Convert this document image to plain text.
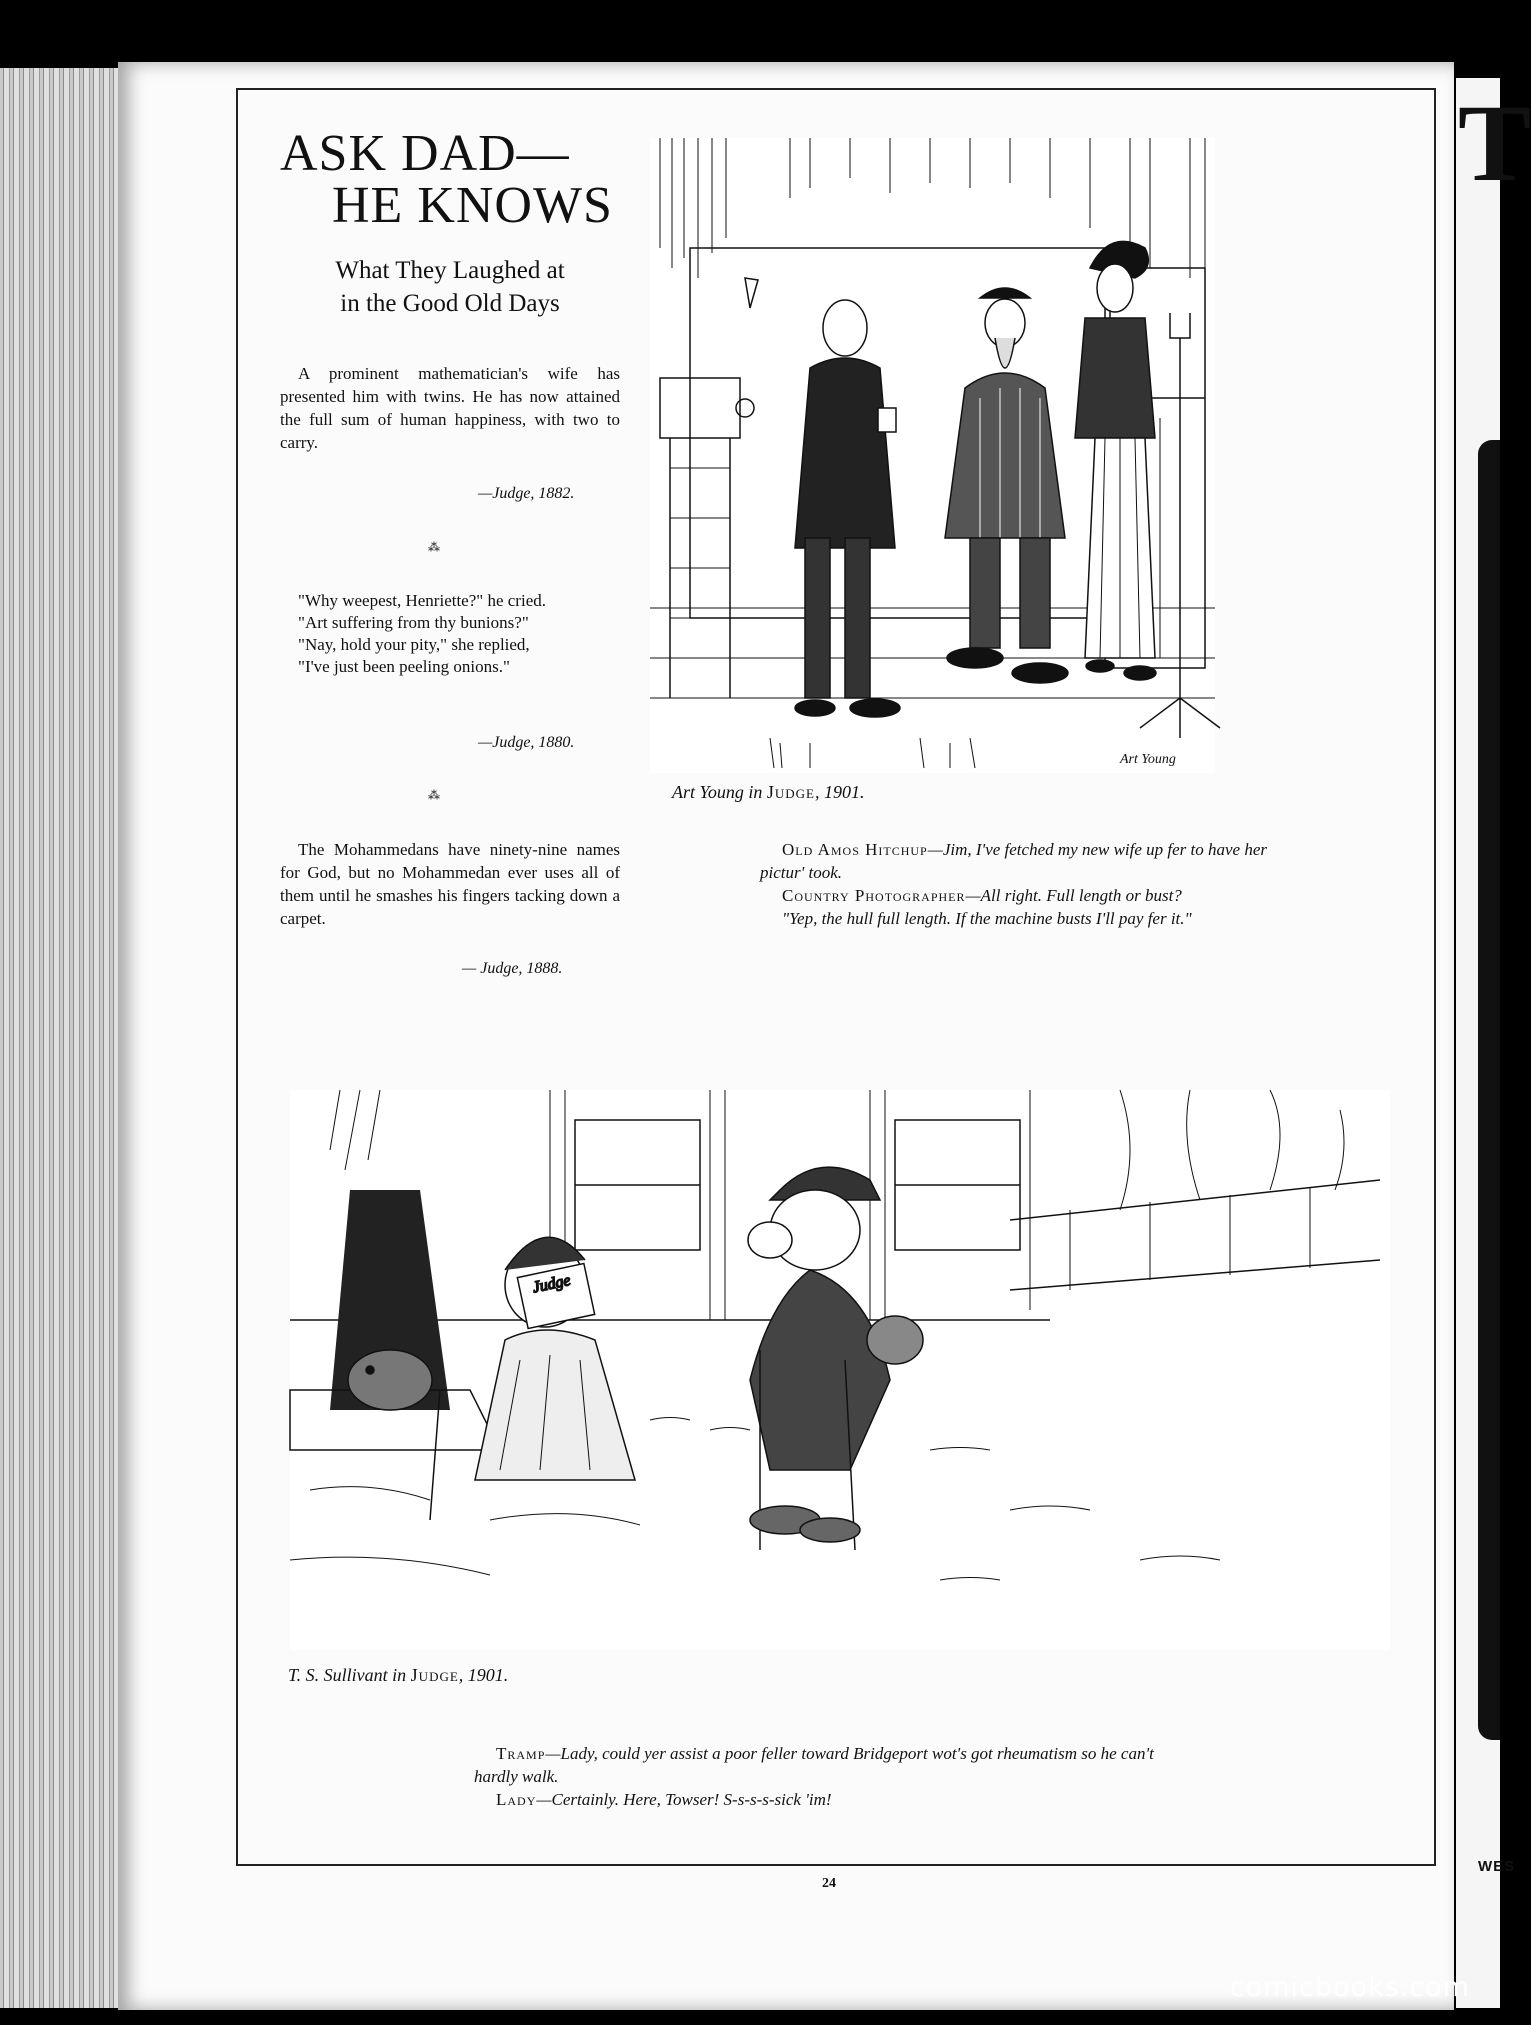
T
WES
ASK DAD—
HE KNOWS
What They Laughed at
in the Good Old Days

A prominent mathematician's wife has presented him with twins. He has now attained the full sum of human happiness, with two to carry.

—Judge, 1882.
⁂
"Why weepest, Henriette?" he cried.
"Art suffering from thy bunions?"
"Nay, hold your pity," she replied,
"I've just been peeling onions."
—Judge, 1880.
⁂

The Mohammedans have ninety-nine names for God, but no Mohammedan ever uses all of them until he smashes his fingers tacking down a carpet.

— Judge, 1888.
Art Young
Art Young in Judge, 1901.
Old Amos Hitchup—Jim, I've fetched my new wife up fer to have her pictur' took.
Country Photographer—All right. Full length or bust?
"Yep, the hull full length. If the machine busts I'll pay fer it."
Judge
T. S. Sullivant in Judge, 1901.
Tramp—Lady, could yer assist a poor feller toward Bridgeport wot's got rheumatism so he can't hardly walk.
Lady—Certainly. Here, Towser! S-s-s-s-sick 'im!
24
comicbooks.com
